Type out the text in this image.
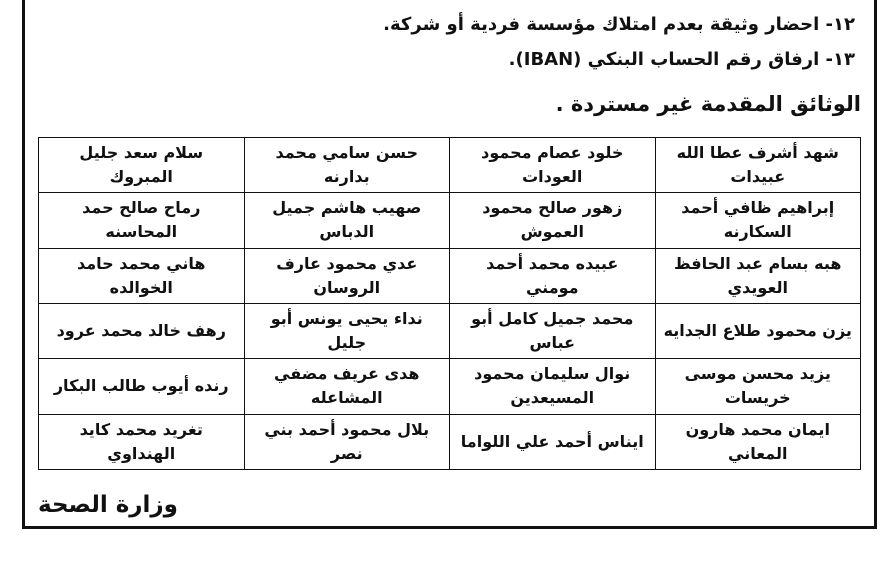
١٢- احضار وثيقة بعدم امتلاك مؤسسة فردية أو شركة.
١٣- ارفاق رقم الحساب البنكي (IBAN).
الوثائق المقدمة غير مستردة .
شهد أشرف عطا الله عبيدات	خلود عصام محمود العودات	حسن سامي محمد بدارنه	سلام سعد جليل المبروك
إبراهيم ظافي أحمد السكارنه	زهور صالح محمود العموش	صهيب هاشم جميل الدباس	رماح صالح حمد المحاسنه
هبه بسام عبد الحافظ العويدي	عبيده محمد أحمد مومني	عدي محمود عارف الروسان	هاني محمد حامد الخوالده
يزن محمود طلاع الجدايه	محمد جميل كامل أبو عباس	نداء يحيى يونس أبو جليل	رهف خالد محمد عرود
يزيد محسن موسى خريسات	نوال سليمان محمود المسيعدين	هدى عريف مضفي المشاعله	رنده أيوب طالب البكار
ايمان محمد هارون المعاني	ايناس أحمد علي اللواما	بلال محمود أحمد بني نصر	تغريد محمد كايد الهنداوي
وزارة الصحة
